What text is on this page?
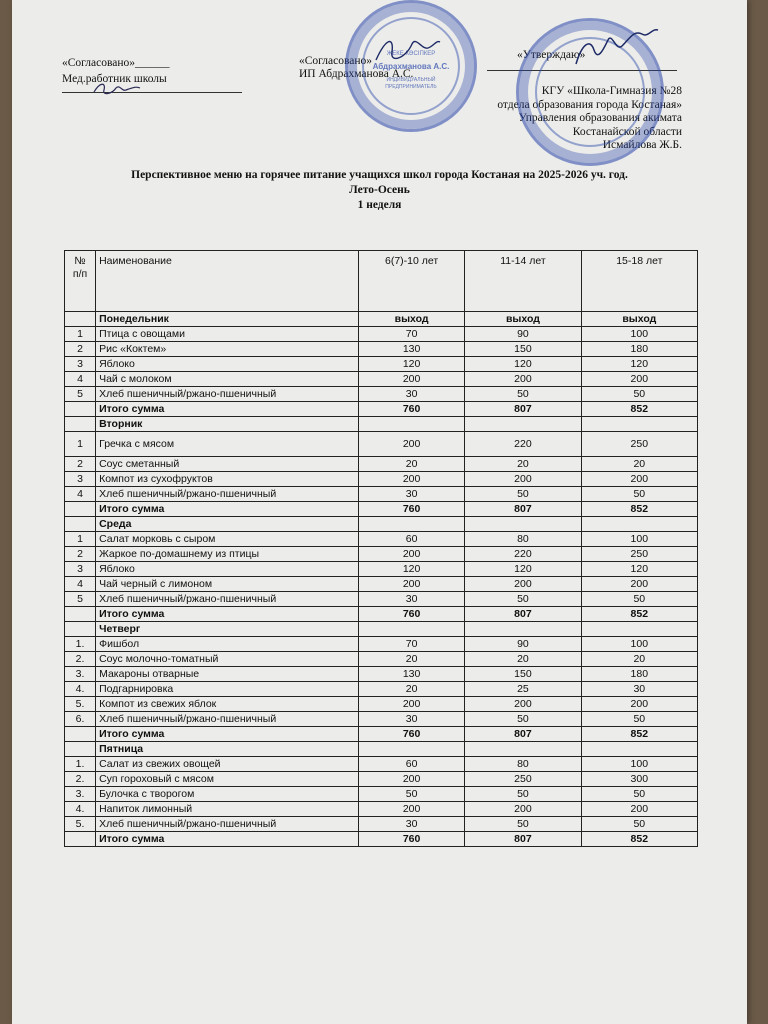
«Согласовано»______
Мед.работник школы
«Согласовано»
ИП Абдрахманова А.С.
ЖЕКЕ КӘСІПКЕР
Абдрахманова А.С.
ИНДИВИДУАЛЬНЫЙ
ПРЕДПРИНИМАТЕЛЬ
«Утверждаю»
КГУ «Школа-Гимназия №28
отдела образования города Костаная»
Управления образования акимата
Костанайской области
Исмайлова Ж.Б.
Перспективное меню на горячее питание учащихся школ города Костаная на 2025-2026 уч. год.
Лето-Осень
1 неделя
№
п/п	Наименование	6(7)-10 лет	11-14 лет	15-18 лет
	Понедельник	выход	выход	выход
1	Птица с овощами	70	90	100
2	Рис «Коктем»	130	150	180
3	Яблоко	120	120	120
4	Чай с молоком	200	200	200
5	Хлеб пшеничный/ржано-пшеничный	30	50	50
	Итого сумма	760	807	852
	Вторник			
1	Гречка с мясом	200	220	250
2	Соус сметанный	20	20	20
3	Компот из сухофруктов	200	200	200
4	Хлеб пшеничный/ржано-пшеничный	30	50	50
	Итого сумма	760	807	852
	Среда			
1	Салат морковь с сыром	60	80	100
2	Жаркое по-домашнему из птицы	200	220	250
3	Яблоко	120	120	120
4	Чай черный с лимоном	200	200	200
5	Хлеб пшеничный/ржано-пшеничный	30	50	50
	Итого сумма	760	807	852
	Четверг			
1.	Фишбол	70	90	100
2.	Соус молочно-томатный	20	20	20
3.	Макароны отварные	130	150	180
4.	Подгарнировка	20	25	30
5.	Компот из свежих яблок	200	200	200
6.	Хлеб пшеничный/ржано-пшеничный	30	50	50
	Итого сумма	760	807	852
	Пятница			
1.	Салат из свежих овощей	60	80	100
2.	Суп гороховый с мясом	200	250	300
3.	Булочка с творогом	50	50	50
4.	Напиток лимонный	200	200	200
5.	Хлеб пшеничный/ржано-пшеничный	30	50	50
	Итого сумма	760	807	852
